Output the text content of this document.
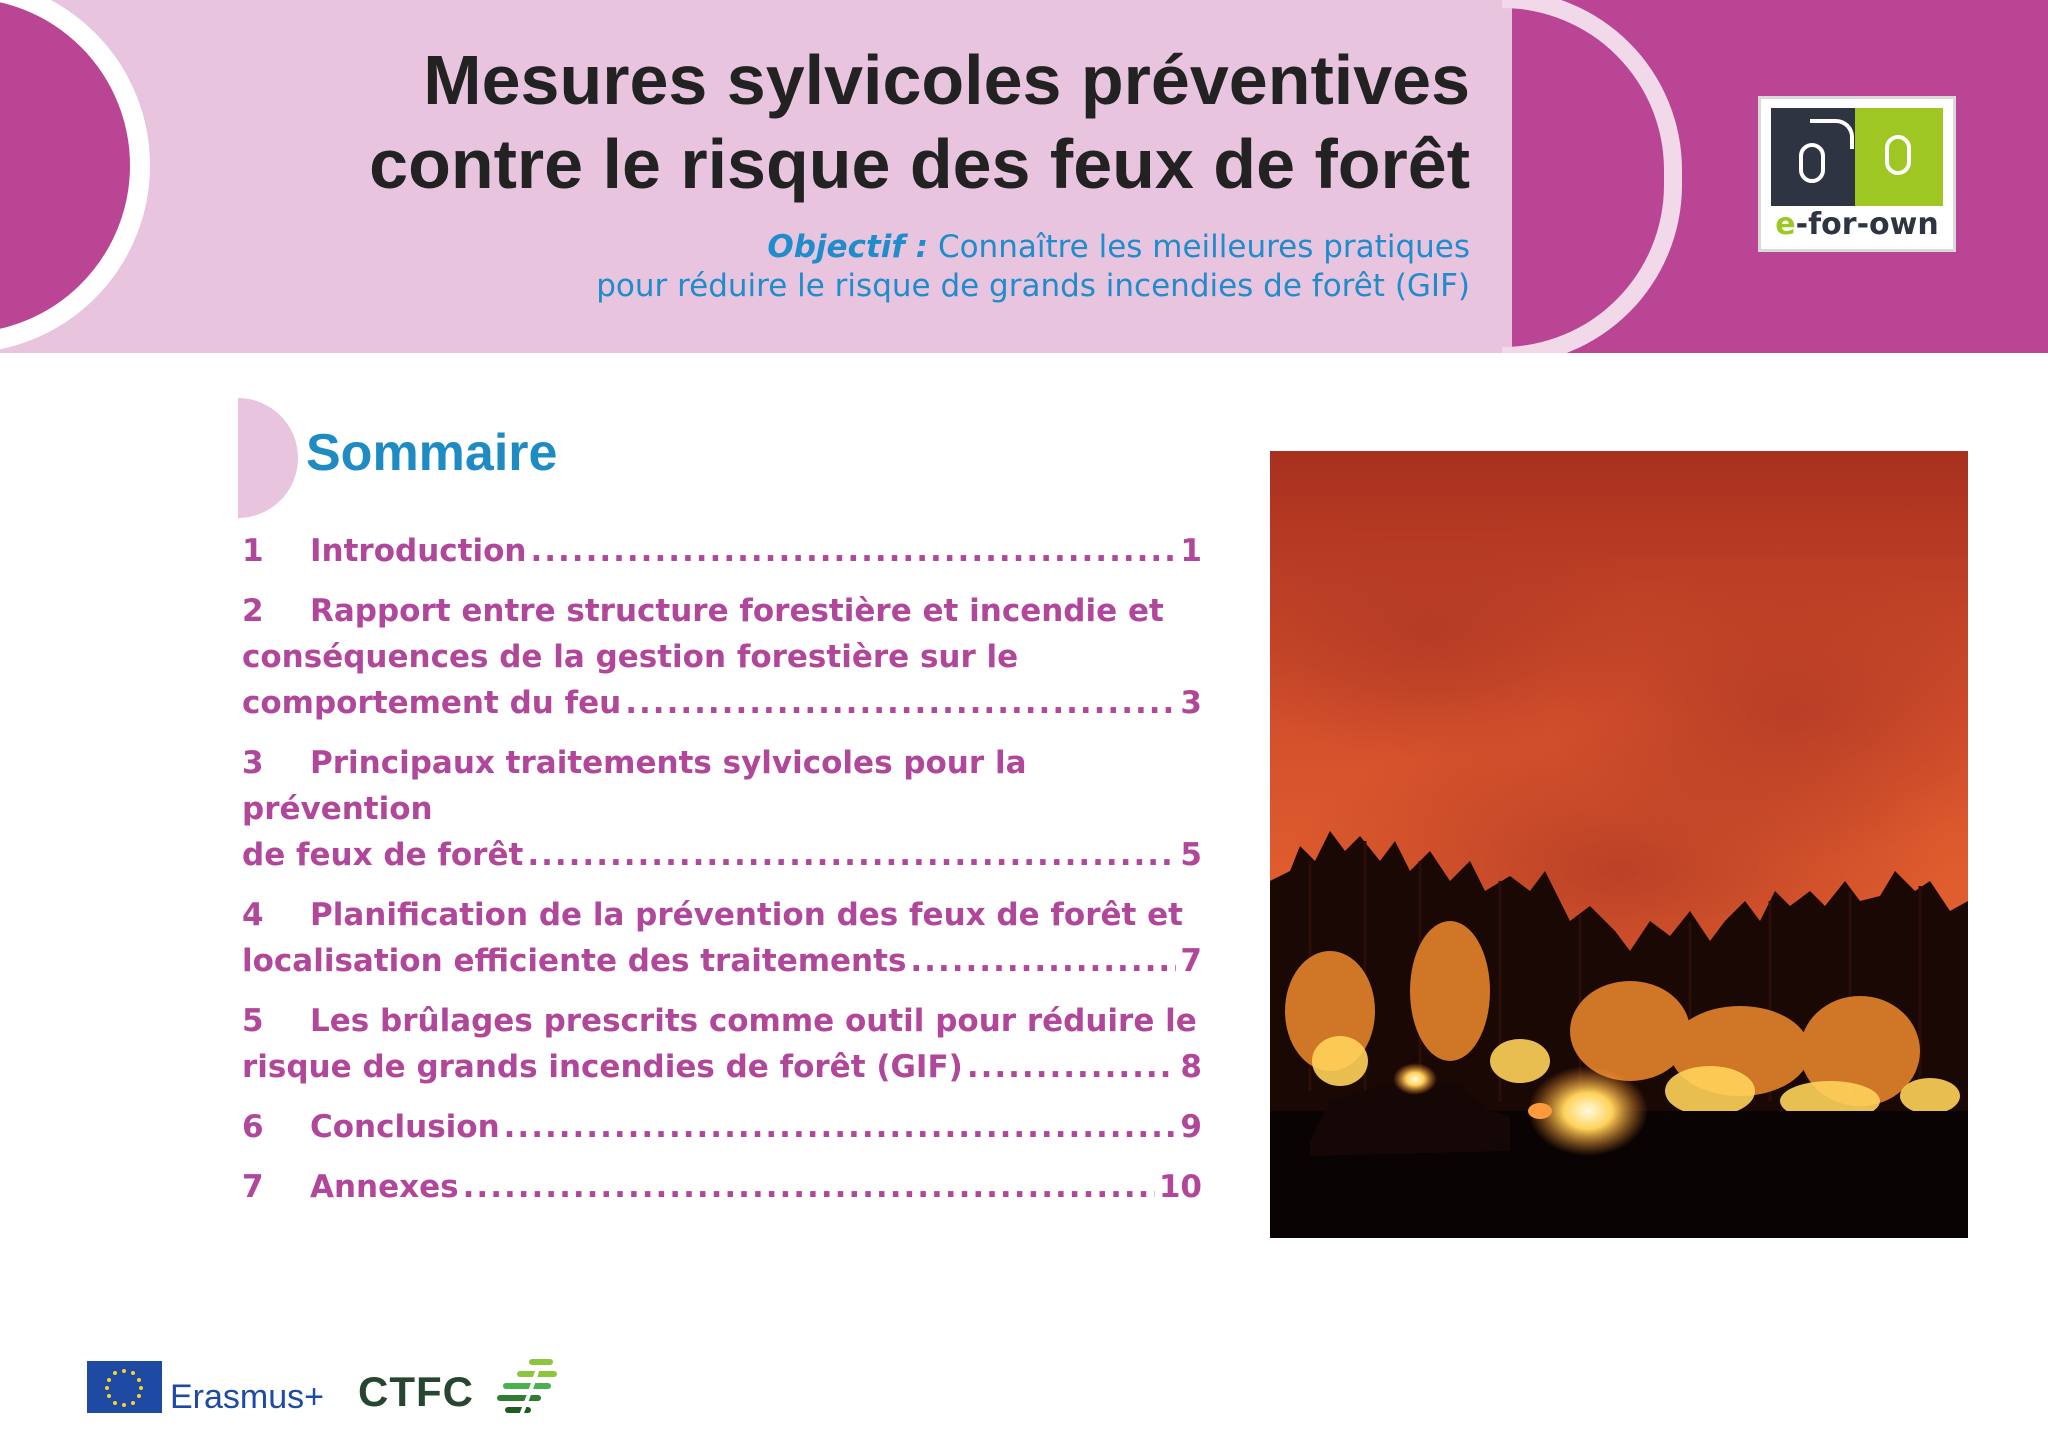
Mesures sylvicoles préventives
contre le risque des feux de forêt
Objectif : Connaître les meilleures pratiques
pour réduire le risque de grands incendies de forêt (GIF)
e-for-own
Sommaire
1	Introduction .....	1
2 Rapport entre structure forestière et incendie et
conséquences de la gestion forestière sur le
comportement du feu .....	3
3 Principaux traitements sylvicoles pour la prévention
de feux de forêt .....	5
4 Planification de la prévention des feux de forêt et
localisation efficiente des traitements .....	7
5 Les brûlages prescrits comme outil pour réduire le
risque de grands incendies de forêt (GIF) .....	8
6	Conclusion .....	9
7	Annexes .....	10
Erasmus+ CTFC
